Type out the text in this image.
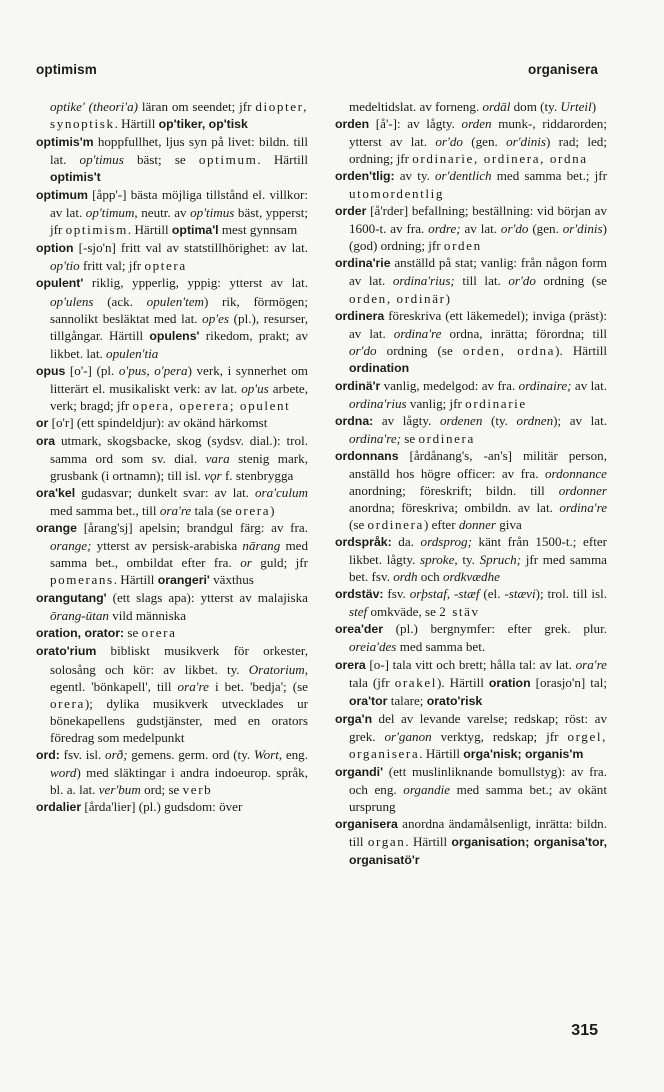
optimism	organisera

optike' (theori'a) läran om seendet; jfr diopter, synoptisk. Härtill op'tiker, op'tisk

optimis'm hoppfullhet, ljus syn på livet: bildn. till lat. op'timus bäst; se optimum. Härtill optimis't

optimum [åpp'-] bästa möjliga tillstånd el. villkor: av lat. op'timum, neutr. av op'timus bäst, ypperst; jfr optimism. Härtill optima'l mest gynnsam

option [-sjo'n] fritt val av statstillhörighet: av lat. op'tio fritt val; jfr optera

opulent' riklig, ypperlig, yppig: ytterst av lat. op'ulens (ack. opulen'tem) rik, förmögen; sannolikt besläktat med lat. op'es (pl.), resurser, tillgångar. Härtill opulens' rikedom, prakt; av likbet. lat. opulen'tia

opus [o'-] (pl. o'pus, o'pera) verk, i synnerhet om litterärt el. musikaliskt verk: av lat. op'us arbete, verk; bragd; jfr opera, operera; opulent

or [o'r] (ett spindeldjur): av okänd härkomst

ora utmark, skogsbacke, skog (sydsv. dial.): trol. samma ord som sv. dial. vara stenig mark, grusbank (i ortnamn); till isl. vǫr f. stenbrygga

ora'kel gudasvar; dunkelt svar: av lat. ora'culum med samma bet., till ora're tala (se orera)

orange [årang'sj] apelsin; brandgul färg: av fra. orange; ytterst av persisk-arabiska nārang med samma bet., ombildat efter fra. or guld; jfr pomerans. Härtill orangeri' växthus

orangutang' (ett slags apa): ytterst av malajiska ōrang-ūtan vild människa

oration, orator: se orera

orato'rium bibliskt musikverk för orkester, solosång och kör: av likbet. ty. Oratorium, egentl. 'bönkapell', till ora're i bet. 'bedja'; (se orera); dylika musikverk utvecklades ur bönekapellens gudstjänster, med en orators föredrag som medelpunkt

ord: fsv. isl. orð; gemens. germ. ord (ty. Wort, eng. word) med släktingar i andra indoeurop. språk, bl. a. lat. ver'bum ord; se verb

ordalier [årda'lier] (pl.) gudsdom: över

medeltidslat. av forneng. ordāl dom (ty. Urteil)

orden [å'-]: av lågty. orden munk-, riddarorden; ytterst av lat. or'do (gen. or'dinis) rad; led; ordning; jfr ordinarie, ordinera, ordna

orden'tlig: av ty. or'dentlich med samma bet.; jfr utomordentlig

order [å'rder] befallning; beställning: vid början av 1600-t. av fra. ordre; av lat. or'do (gen. or'dinis) (god) ordning; jfr orden

ordina'rie anställd på stat; vanlig: från någon form av lat. ordina'rius; till lat. or'do ordning (se orden, ordinär)

ordinera föreskriva (ett läkemedel); inviga (präst): av lat. ordina're ordna, inrätta; förordna; till or'do ordning (se orden, ordna). Härtill ordination

ordinä'r vanlig, medelgod: av fra. ordinaire; av lat. ordina'rius vanlig; jfr ordinarie

ordna: av lågty. ordenen (ty. ordnen); av lat. ordina're; se ordinera

ordonnans [årdånang's, -an's] militär person, anställd hos högre officer: av fra. ordonnance anordning; föreskrift; bildn. till ordonner anordna; föreskriva; ombildn. av lat. ordina're (se ordinera) efter donner giva

ordspråk: da. ordsprog; känt från 1500-t.; efter likbet. lågty. sproke, ty. Spruch; jfr med samma bet. fsv. ordh och ordkvædhe

ordstäv: fsv. orþstaf, -stæf (el. -stævi); trol. till isl. stef omkväde, se 2 stäv

orea'der (pl.) bergnymfer: efter grek. plur. oreia'des med samma bet.

orera [o-] tala vitt och brett; hålla tal: av lat. ora're tala (jfr orakel). Härtill oration [orasjo'n] tal; ora'tor talare; orato'risk

orga'n del av levande varelse; redskap; röst: av grek. or'ganon verktyg, redskap; jfr orgel, organisera. Härtill orga'nisk; organis'm

organdi' (ett muslinliknande bomullstyg): av fra. och eng. organdie med samma bet.; av okänt ursprung

organisera anordna ändamålsenligt, inrätta: bildn. till organ. Härtill organisation; organisa'tor, organisatö'r

315
